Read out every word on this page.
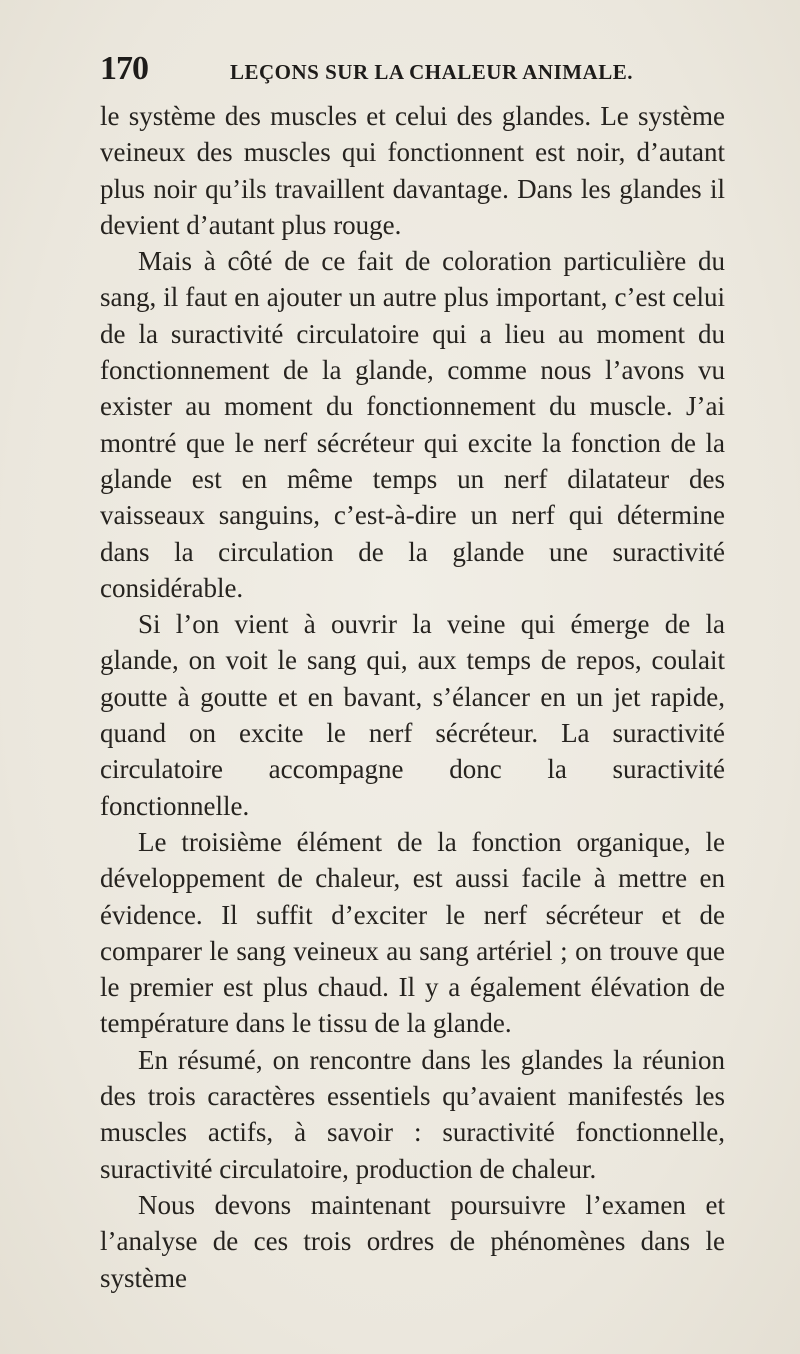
170	LEÇONS SUR LA CHALEUR ANIMALE.

le système des muscles et celui des glandes. Le système veineux des muscles qui fonctionnent est noir, d’autant plus noir qu’ils travaillent davantage. Dans les glandes il devient d’autant plus rouge.

Mais à côté de ce fait de coloration particulière du sang, il faut en ajouter un autre plus important, c’est celui de la suractivité circulatoire qui a lieu au moment du fonctionnement de la glande, comme nous l’avons vu exister au moment du fonctionnement du muscle. J’ai montré que le nerf sécréteur qui excite la fonction de la glande est en même temps un nerf dilatateur des vaisseaux sanguins, c’est-à-dire un nerf qui détermine dans la circulation de la glande une suractivité considérable.

Si l’on vient à ouvrir la veine qui émerge de la glande, on voit le sang qui, aux temps de repos, coulait goutte à goutte et en bavant, s’élancer en un jet rapide, quand on excite le nerf sécréteur. La suractivité circulatoire accompagne donc la suractivité fonctionnelle.

Le troisième élément de la fonction organique, le développement de chaleur, est aussi facile à mettre en évidence. Il suffit d’exciter le nerf sécréteur et de comparer le sang veineux au sang artériel ; on trouve que le premier est plus chaud. Il y a également élévation de température dans le tissu de la glande.

En résumé, on rencontre dans les glandes la réunion des trois caractères essentiels qu’avaient manifestés les muscles actifs, à savoir : suractivité fonctionnelle, suractivité circulatoire, production de chaleur.

Nous devons maintenant poursuivre l’examen et l’analyse de ces trois ordres de phénomènes dans le système
